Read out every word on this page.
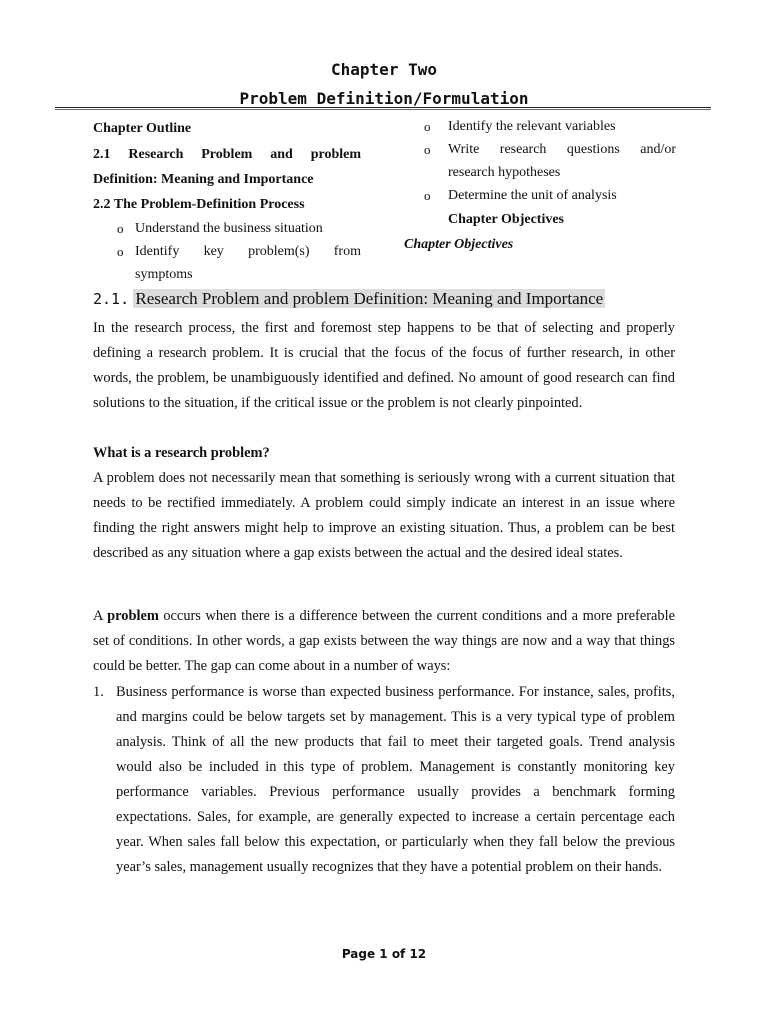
Chapter Two
Problem Definition/Formulation
Chapter Outline
2.1 Research Problem and problem
Definition: Meaning and Importance
2.2 The Problem-Definition Process
o Understand the business situation
o Identify key problem(s) from
symptoms
o Identify the relevant variables
o Write research questions and/or
research hypotheses
o Determine the unit of analysis
Chapter Objectives
Chapter Objectives
2.1. Research Problem and problem Definition: Meaning and Importance
In the research process, the first and foremost step happens to be that of selecting and properly defining a research problem. It is crucial that the focus of the focus of further research, in other words, the problem, be unambiguously identified and defined. No amount of good research can find solutions to the situation, if the critical issue or the problem is not clearly pinpointed.
What is a research problem?
A problem does not necessarily mean that something is seriously wrong with a current situation that needs to be rectified immediately. A problem could simply indicate an interest in an issue where finding the right answers might help to improve an existing situation. Thus, a problem can be best described as any situation where a gap exists between the actual and the desired ideal states.
A problem occurs when there is a difference between the current conditions and a more preferable set of conditions. In other words, a gap exists between the way things are now and a way that things could be better. The gap can come about in a number of ways:
1. Business performance is worse than expected business performance. For instance, sales, profits, and margins could be below targets set by management. This is a very typical type of problem analysis. Think of all the new products that fail to meet their targeted goals. Trend analysis would also be included in this type of problem. Management is constantly monitoring key performance variables. Previous performance usually provides a benchmark forming expectations. Sales, for example, are generally expected to increase a certain percentage each year. When sales fall below this expectation, or particularly when they fall below the previous year’s sales, management usually recognizes that they have a potential problem on their hands.
Page 1 of 12
